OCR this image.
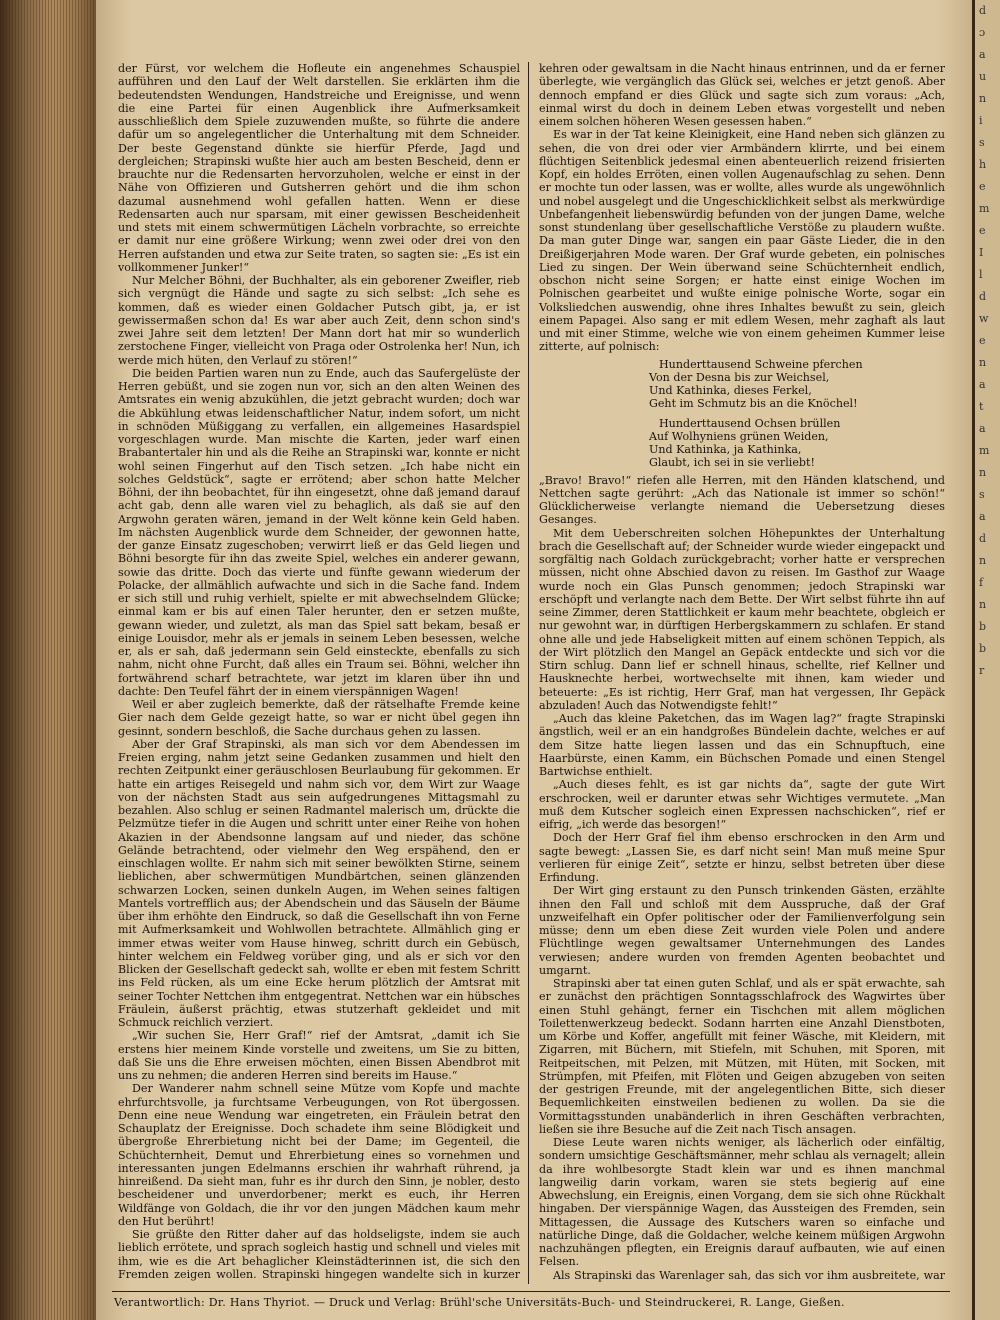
d
ɔ
a
u
n
i
s
h
e
m
e
I
l
d
w
e
n
a
t
a
m
n
s
a
d
n
f
n
b
b
r

der Fürst, vor welchem die Hofleute ein angenehmes Schauspiel aufführen und den Lauf der Welt darstellen. Sie erklärten ihm die bedeutendsten Wendungen, Handstreiche und Ereignisse, und wenn die eine Partei für einen Augenblick ihre Aufmerksamkeit ausschließlich dem Spiele zuzuwenden mußte, so führte die andere dafür um so angelegentlicher die Unterhaltung mit dem Schneider. Der beste Gegenstand dünkte sie hierfür Pferde, Jagd und dergleichen; Strapinski wußte hier auch am besten Bescheid, denn er brauchte nur die Redensarten hervorzuholen, welche er einst in der Nähe von Offizieren und Gutsherren gehört und die ihm schon dazumal ausnehmend wohl gefallen hatten. Wenn er diese Redensarten auch nur sparsam, mit einer gewissen Bescheidenheit und stets mit einem schwermütigen Lächeln vorbrachte, so erreichte er damit nur eine größere Wirkung; wenn zwei oder drei von den Herren aufstanden und etwa zur Seite traten, so sagten sie: „Es ist ein vollkommener Junker!“

Nur Melcher Böhni, der Buchhalter, als ein geborener Zweifler, rieb sich vergnügt die Hände und sagte zu sich selbst: „Ich sehe es kommen, daß es wieder einen Goldacher Putsch gibt, ja, er ist gewissermaßen schon da! Es war aber auch Zeit, denn schon sind's zwei Jahre seit dem letzten! Der Mann dort hat mir so wunderlich zerstochene Finger, vielleicht von Praga oder Ostrolenka her! Nun, ich werde mich hüten, den Verlauf zu stören!“

Die beiden Partien waren nun zu Ende, auch das Saufergelüste der Herren gebüßt, und sie zogen nun vor, sich an den alten Weinen des Amtsrates ein wenig abzukühlen, die jetzt gebracht wurden; doch war die Abkühlung etwas leidenschaftlicher Natur, indem sofort, um nicht in schnöden Müßiggang zu verfallen, ein allgemeines Hasardspiel vorgeschlagen wurde. Man mischte die Karten, jeder warf einen Brabantertaler hin und als die Reihe an Strapinski war, konnte er nicht wohl seinen Fingerhut auf den Tisch setzen. „Ich habe nicht ein solches Geldstück“, sagte er errötend; aber schon hatte Melcher Böhni, der ihn beobachtet, für ihn eingesetzt, ohne daß jemand darauf acht gab, denn alle waren viel zu behaglich, als daß sie auf den Argwohn geraten wären, jemand in der Welt könne kein Geld haben. Im nächsten Augenblick wurde dem Schneider, der gewonnen hatte, der ganze Einsatz zugeschoben; verwirrt ließ er das Geld liegen und Böhni besorgte für ihn das zweite Spiel, welches ein anderer gewann, sowie das dritte. Doch das vierte und fünfte gewann wiederum der Polacke, der allmählich aufwachte und sich in die Sache fand. Indem er sich still und ruhig verhielt, spielte er mit abwechselndem Glücke; einmal kam er bis auf einen Taler herunter, den er setzen mußte, gewann wieder, und zuletzt, als man das Spiel satt bekam, besaß er einige Louisdor, mehr als er jemals in seinem Leben besessen, welche er, als er sah, daß jedermann sein Geld einsteckte, ebenfalls zu sich nahm, nicht ohne Furcht, daß alles ein Traum sei. Böhni, welcher ihn fortwährend scharf betrachtete, war jetzt im klaren über ihn und dachte: Den Teufel fährt der in einem vierspännigen Wagen!

Weil er aber zugleich bemerkte, daß der rätselhafte Fremde keine Gier nach dem Gelde gezeigt hatte, so war er nicht übel gegen ihn gesinnt, sondern beschloß, die Sache durchaus gehen zu lassen.

Aber der Graf Strapinski, als man sich vor dem Abendessen im Freien erging, nahm jetzt seine Gedanken zusammen und hielt den rechten Zeitpunkt einer geräuschlosen Beurlaubung für gekommen. Er hatte ein artiges Reisegeld und nahm sich vor, dem Wirt zur Waage von der nächsten Stadt aus sein aufgedrungenes Mittagsmahl zu bezahlen. Also schlug er seinen Radmantel malerisch um, drückte die Pelzmütze tiefer in die Augen und schritt unter einer Reihe von hohen Akazien in der Abendsonne langsam auf und nieder, das schöne Gelände betrachtend, oder vielmehr den Weg erspähend, den er einschlagen wollte. Er nahm sich mit seiner bewölkten Stirne, seinem lieblichen, aber schwermütigen Mundbärtchen, seinen glänzenden schwarzen Locken, seinen dunkeln Augen, im Wehen seines faltigen Mantels vortrefflich aus; der Abendschein und das Säuseln der Bäume über ihm erhöhte den Eindruck, so daß die Gesellschaft ihn von Ferne mit Aufmerksamkeit und Wohlwollen betrachtete. Allmählich ging er immer etwas weiter vom Hause hinweg, schritt durch ein Gebüsch, hinter welchem ein Feldweg vorüber ging, und als er sich vor den Blicken der Gesellschaft gedeckt sah, wollte er eben mit festem Schritt ins Feld rücken, als um eine Ecke herum plötzlich der Amtsrat mit seiner Tochter Nettchen ihm entgegentrat. Nettchen war ein hübsches Fräulein, äußerst prächtig, etwas stutzerhaft gekleidet und mit Schmuck reichlich verziert.

„Wir suchen Sie, Herr Graf!“ rief der Amtsrat, „damit ich Sie erstens hier meinem Kinde vorstelle und zweitens, um Sie zu bitten, daß Sie uns die Ehre erweisen möchten, einen Bissen Abendbrot mit uns zu nehmen; die anderen Herren sind bereits im Hause.“

Der Wanderer nahm schnell seine Mütze vom Kopfe und machte ehrfurchtsvolle, ja furchtsame Verbeugungen, von Rot übergossen. Denn eine neue Wendung war eingetreten, ein Fräulein betrat den Schauplatz der Ereignisse. Doch schadete ihm seine Blödigkeit und übergroße Ehrerbietung nicht bei der Dame; im Gegenteil, die Schüchternheit, Demut und Ehrerbietung eines so vornehmen und interessanten jungen Edelmanns erschien ihr wahrhaft rührend, ja hinreißend. Da sieht man, fuhr es ihr durch den Sinn, je nobler, desto bescheidener und unverdorbener; merkt es euch, ihr Herren Wildfänge von Goldach, die ihr vor den jungen Mädchen kaum mehr den Hut berührt!

Sie grüßte den Ritter daher auf das holdseligste, indem sie auch lieblich errötete, und sprach sogleich hastig und schnell und vieles mit ihm, wie es die Art behaglicher Kleinstädterinnen ist, die sich den Fremden zeigen wollen. Strapinski hingegen wandelte sich in kurzer

kehren oder gewaltsam in die Nacht hinaus entrinnen, und da er ferner überlegte, wie vergänglich das Glück sei, welches er jetzt genoß. Aber dennoch empfand er dies Glück und sagte sich zum voraus: „Ach, einmal wirst du doch in deinem Leben etwas vorgestellt und neben einem solchen höheren Wesen gesessen haben.“

Es war in der Tat keine Kleinigkeit, eine Hand neben sich glänzen zu sehen, die von drei oder vier Armbändern klirrte, und bei einem flüchtigen Seitenblick jedesmal einen abenteuerlich reizend frisierten Kopf, ein holdes Erröten, einen vollen Augenaufschlag zu sehen. Denn er mochte tun oder lassen, was er wollte, alles wurde als ungewöhnlich und nobel ausgelegt und die Ungeschicklichkeit selbst als merkwürdige Unbefangenheit liebenswürdig befunden von der jungen Dame, welche sonst stundenlang über gesellschaftliche Verstöße zu plaudern wußte. Da man guter Dinge war, sangen ein paar Gäste Lieder, die in den Dreißigerjahren Mode waren. Der Graf wurde gebeten, ein polnisches Lied zu singen. Der Wein überwand seine Schüchternheit endlich, obschon nicht seine Sorgen; er hatte einst einige Wochen im Polnischen gearbeitet und wußte einige polnische Worte, sogar ein Volksliedchen auswendig, ohne ihres Inhaltes bewußt zu sein, gleich einem Papagei. Also sang er mit edlem Wesen, mehr zaghaft als laut und mit einer Stimme, welche wie von einem geheimen Kummer leise zitterte, auf polnisch:

Hunderttausend Schweine pferchen
Von der Desna bis zur Weichsel,
Und Kathinka, dieses Ferkel,
Geht im Schmutz bis an die Knöchel!
Hunderttausend Ochsen brüllen
Auf Wolhyniens grünen Weiden,
Und Kathinka, ja Kathinka,
Glaubt, ich sei in sie verliebt!

„Bravo! Bravo!“ riefen alle Herren, mit den Händen klatschend, und Nettchen sagte gerührt: „Ach das Nationale ist immer so schön!“ Glücklicherweise verlangte niemand die Uebersetzung dieses Gesanges.

Mit dem Ueberschreiten solchen Höhepunktes der Unterhaltung brach die Gesellschaft auf; der Schneider wurde wieder eingepackt und sorgfältig nach Goldach zurückgebracht; vorher hatte er versprechen müssen, nicht ohne Abschied davon zu reisen. Im Gasthof zur Waage wurde noch ein Glas Punsch genommen; jedoch Strapinski war erschöpft und verlangte nach dem Bette. Der Wirt selbst führte ihn auf seine Zimmer, deren Stattlichkeit er kaum mehr beachtete, obgleich er nur gewohnt war, in dürftigen Herbergskammern zu schlafen. Er stand ohne alle und jede Habseligkeit mitten auf einem schönen Teppich, als der Wirt plötzlich den Mangel an Gepäck entdeckte und sich vor die Stirn schlug. Dann lief er schnell hinaus, schellte, rief Kellner und Hausknechte herbei, wortwechselte mit ihnen, kam wieder und beteuerte: „Es ist richtig, Herr Graf, man hat vergessen, Ihr Gepäck abzuladen! Auch das Notwendigste fehlt!“

„Auch das kleine Paketchen, das im Wagen lag?“ fragte Strapinski ängstlich, weil er an ein handgroßes Bündelein dachte, welches er auf dem Sitze hatte liegen lassen und das ein Schnupftuch, eine Haarbürste, einen Kamm, ein Büchschen Pomade und einen Stengel Bartwichse enthielt.

„Auch dieses fehlt, es ist gar nichts da“, sagte der gute Wirt erschrocken, weil er darunter etwas sehr Wichtiges vermutete. „Man muß dem Kutscher sogleich einen Expressen nachschicken“, rief er eifrig, „ich werde das besorgen!“

Doch der Herr Graf fiel ihm ebenso erschrocken in den Arm und sagte bewegt: „Lassen Sie, es darf nicht sein! Man muß meine Spur verlieren für einige Zeit“, setzte er hinzu, selbst betreten über diese Erfindung.

Der Wirt ging erstaunt zu den Punsch trinkenden Gästen, erzählte ihnen den Fall und schloß mit dem Ausspruche, daß der Graf unzweifelhaft ein Opfer politischer oder der Familienverfolgung sein müsse; denn um eben diese Zeit wurden viele Polen und andere Flüchtlinge wegen gewaltsamer Unternehmungen des Landes verwiesen; andere wurden von fremden Agenten beobachtet und umgarnt.

Strapinski aber tat einen guten Schlaf, und als er spät erwachte, sah er zunächst den prächtigen Sonntagsschlafrock des Wagwirtes über einen Stuhl gehängt, ferner ein Tischchen mit allem möglichen Toilettenwerkzeug bedeckt. Sodann harrten eine Anzahl Dienstboten, um Körbe und Koffer, angefüllt mit feiner Wäsche, mit Kleidern, mit Zigarren, mit Büchern, mit Stiefeln, mit Schuhen, mit Sporen, mit Reitpeitschen, mit Pelzen, mit Mützen, mit Hüten, mit Socken, mit Strümpfen, mit Pfeifen, mit Flöten und Geigen abzugeben von seiten der gestrigen Freunde, mit der angelegentlichen Bitte, sich dieser Bequemlichkeiten einstweilen bedienen zu wollen. Da sie die Vormittagsstunden unabänderlich in ihren Geschäften verbrachten, ließen sie ihre Besuche auf die Zeit nach Tisch ansagen.

Diese Leute waren nichts weniger, als lächerlich oder einfältig, sondern umsichtige Geschäftsmänner, mehr schlau als vernagelt; allein da ihre wohlbesorgte Stadt klein war und es ihnen manchmal langweilig darin vorkam, waren sie stets begierig auf eine Abwechslung, ein Ereignis, einen Vorgang, dem sie sich ohne Rückhalt hingaben. Der vierspännige Wagen, das Aussteigen des Fremden, sein Mittagessen, die Aussage des Kutschers waren so einfache und natürliche Dinge, daß die Goldacher, welche keinem müßigen Argwohn nachzuhängen pflegten, ein Ereignis darauf aufbauten, wie auf einen Felsen.

Als Strapinski das Warenlager sah, das sich vor ihm ausbreitete, war

Verantwortlich: Dr. Hans Thyriot. — Druck und Verlag: Brühl'sche Universitäts-Buch- und Steindruckerei, R. Lange, Gießen.
